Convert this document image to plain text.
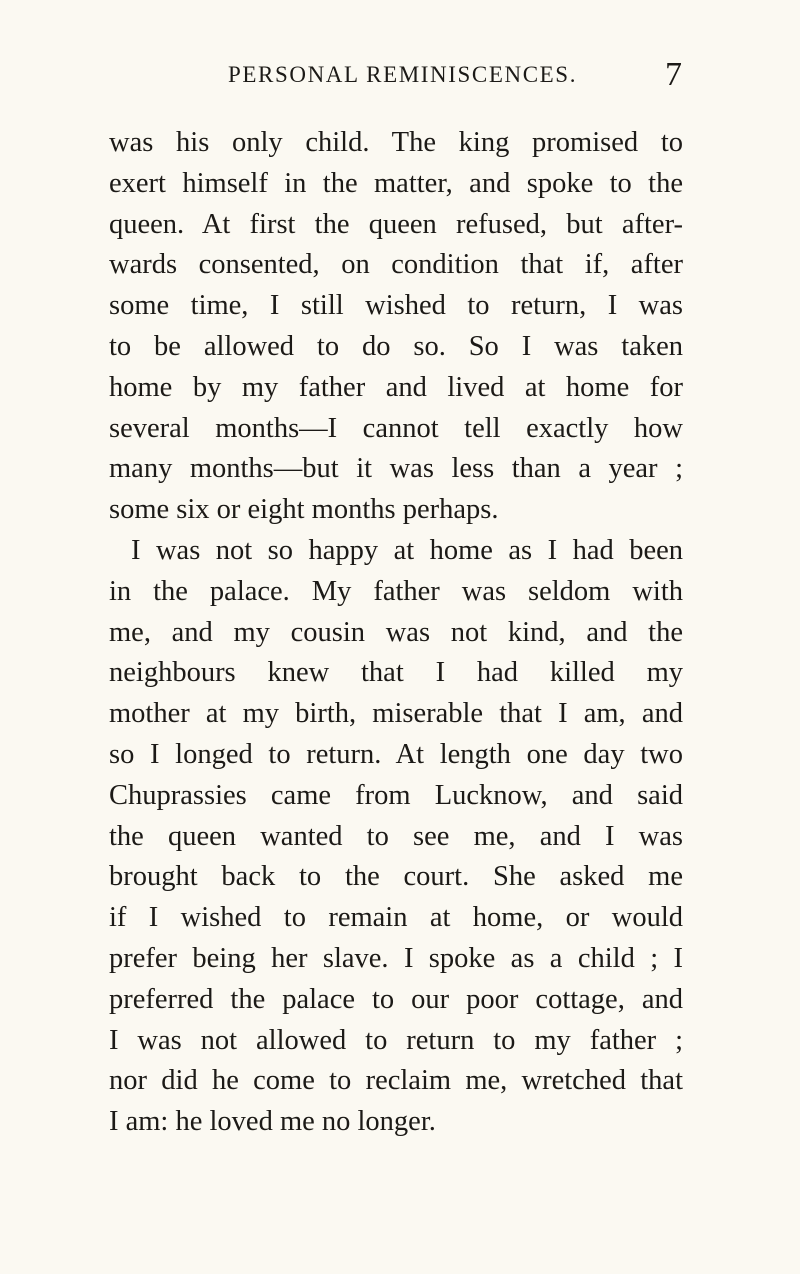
PERSONAL REMINISCENCES.	7
was his only child. The king promised to
exert himself in the matter, and spoke to the
queen. At first the queen refused, but after-
wards consented, on condition that if, after
some time, I still wished to return, I was
to be allowed to do so. So I was taken
home by my father and lived at home for
several months—I cannot tell exactly how
many months—but it was less than a year ;
some six or eight months perhaps.
I was not so happy at home as I had been
in the palace. My father was seldom with
me, and my cousin was not kind, and the
neighbours knew that I had killed my
mother at my birth, miserable that I am, and
so I longed to return. At length one day two
Chuprassies came from Lucknow, and said
the queen wanted to see me, and I was
brought back to the court. She asked me
if I wished to remain at home, or would
prefer being her slave. I spoke as a child ; I
preferred the palace to our poor cottage, and
I was not allowed to return to my father ;
nor did he come to reclaim me, wretched that
I am: he loved me no longer.
